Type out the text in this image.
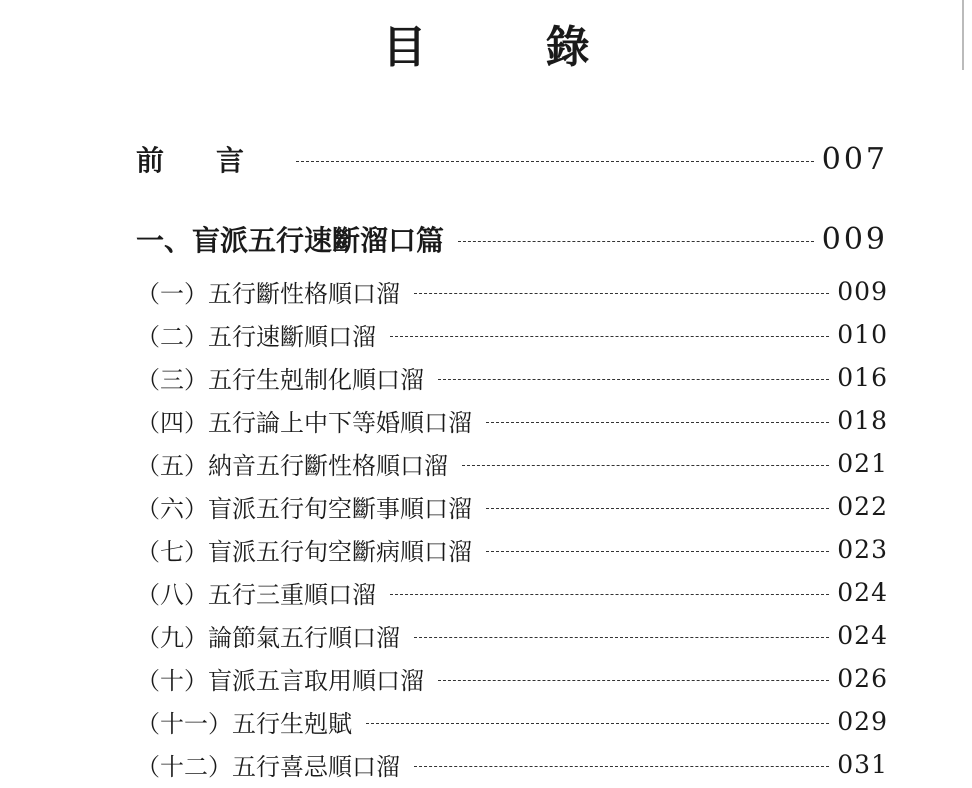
目 錄
前言	007
一、盲派五行速斷溜口篇	009
（一）五行斷性格順口溜	009
（二）五行速斷順口溜	010
（三）五行生剋制化順口溜	016
（四）五行論上中下等婚順口溜	018
（五）納音五行斷性格順口溜	021
（六）盲派五行旬空斷事順口溜	022
（七）盲派五行旬空斷病順口溜	023
（八）五行三重順口溜	024
（九）論節氣五行順口溜	024
（十）盲派五言取用順口溜	026
（十一）五行生剋賦	029
（十二）五行喜忌順口溜	031
